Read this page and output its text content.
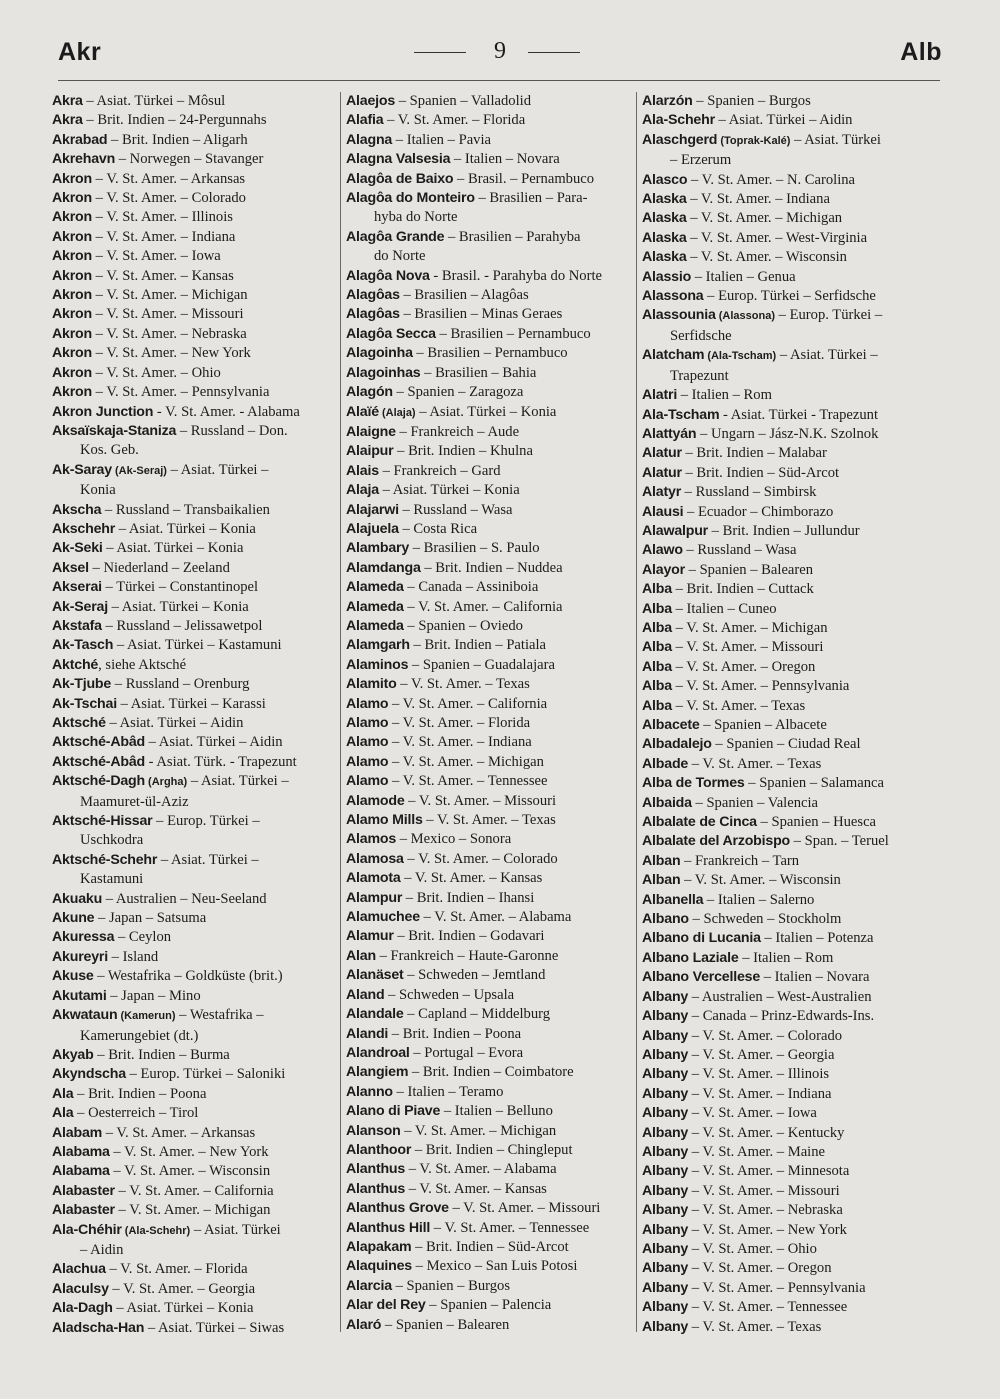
Akr	9	Alb
Akra – Asiat. Türkei – Môsul
Akra – Brit. Indien – 24-Pergunnahs
Akrabad – Brit. Indien – Aligarh
Akrehavn – Norwegen – Stavanger
Akron – V. St. Amer. – Arkansas
Akron – V. St. Amer. – Colorado
Akron – V. St. Amer. – Illinois
Akron – V. St. Amer. – Indiana
Akron – V. St. Amer. – Iowa
Akron – V. St. Amer. – Kansas
Akron – V. St. Amer. – Michigan
Akron – V. St. Amer. – Missouri
Akron – V. St. Amer. – Nebraska
Akron – V. St. Amer. – New York
Akron – V. St. Amer. – Ohio
Akron – V. St. Amer. – Pennsylvania
Akron Junction - V. St. Amer. - Alabama
Aksaïskaja-Staniza – Russland – Don.
Kos. Geb.
Ak-Saray (Ak-Seraj) – Asiat. Türkei –
Konia
Akscha – Russland – Transbaikalien
Akschehr – Asiat. Türkei – Konia
Ak-Seki – Asiat. Türkei – Konia
Aksel – Niederland – Zeeland
Akserai – Türkei – Constantinopel
Ak-Seraj – Asiat. Türkei – Konia
Akstafa – Russland – Jelissawetpol
Ak-Tasch – Asiat. Türkei – Kastamuni
Aktché, siehe Aktsché
Ak-Tjube – Russland – Orenburg
Ak-Tschai – Asiat. Türkei – Karassi
Aktsché – Asiat. Türkei – Aidin
Aktsché-Abâd – Asiat. Türkei – Aidin
Aktsché-Abâd - Asiat. Türk. - Trapezunt
Aktsché-Dagh (Argha) – Asiat. Türkei –
Maamuret-ül-Aziz
Aktsché-Hissar – Europ. Türkei –
Uschkodra
Aktsché-Schehr – Asiat. Türkei –
Kastamuni
Akuaku – Australien – Neu-Seeland
Akune – Japan – Satsuma
Akuressa – Ceylon
Akureyri – Island
Akuse – Westafrika – Goldküste (brit.)
Akutami – Japan – Mino
Akwataun (Kamerun) – Westafrika –
Kamerungebiet (dt.)
Akyab – Brit. Indien – Burma
Akyndscha – Europ. Türkei – Saloniki
Ala – Brit. Indien – Poona
Ala – Oesterreich – Tirol
Alabam – V. St. Amer. – Arkansas
Alabama – V. St. Amer. – New York
Alabama – V. St. Amer. – Wisconsin
Alabaster – V. St. Amer. – California
Alabaster – V. St. Amer. – Michigan
Ala-Chéhir (Ala-Schehr) – Asiat. Türkei
– Aidin
Alachua – V. St. Amer. – Florida
Alaculsy – V. St. Amer. – Georgia
Ala-Dagh – Asiat. Türkei – Konia
Aladscha-Han – Asiat. Türkei – Siwas
Alaejos – Spanien – Valladolid
Alafia – V. St. Amer. – Florida
Alagna – Italien – Pavia
Alagna Valsesia – Italien – Novara
Alagôa de Baixo – Brasil. – Pernambuco
Alagôa do Monteiro – Brasilien – Para-
hyba do Norte
Alagôa Grande – Brasilien – Parahyba
do Norte
Alagôa Nova - Brasil. - Parahyba do Norte
Alagôas – Brasilien – Alagôas
Alagôas – Brasilien – Minas Geraes
Alagôa Secca – Brasilien – Pernambuco
Alagoinha – Brasilien – Pernambuco
Alagoinhas – Brasilien – Bahia
Alagón – Spanien – Zaragoza
Alaïé (Alaja) – Asiat. Türkei – Konia
Alaigne – Frankreich – Aude
Alaipur – Brit. Indien – Khulna
Alais – Frankreich – Gard
Alaja – Asiat. Türkei – Konia
Alajarwi – Russland – Wasa
Alajuela – Costa Rica
Alambary – Brasilien – S. Paulo
Alamdanga – Brit. Indien – Nuddea
Alameda – Canada – Assiniboia
Alameda – V. St. Amer. – California
Alameda – Spanien – Oviedo
Alamgarh – Brit. Indien – Patiala
Alaminos – Spanien – Guadalajara
Alamito – V. St. Amer. – Texas
Alamo – V. St. Amer. – California
Alamo – V. St. Amer. – Florida
Alamo – V. St. Amer. – Indiana
Alamo – V. St. Amer. – Michigan
Alamo – V. St. Amer. – Tennessee
Alamode – V. St. Amer. – Missouri
Alamo Mills – V. St. Amer. – Texas
Alamos – Mexico – Sonora
Alamosa – V. St. Amer. – Colorado
Alamota – V. St. Amer. – Kansas
Alampur – Brit. Indien – Ihansi
Alamuchee – V. St. Amer. – Alabama
Alamur – Brit. Indien – Godavari
Alan – Frankreich – Haute-Garonne
Alanäset – Schweden – Jemtland
Aland – Schweden – Upsala
Alandale – Capland – Middelburg
Alandi – Brit. Indien – Poona
Alandroal – Portugal – Evora
Alangiem – Brit. Indien – Coimbatore
Alanno – Italien – Teramo
Alano di Piave – Italien – Belluno
Alanson – V. St. Amer. – Michigan
Alanthoor – Brit. Indien – Chingleput
Alanthus – V. St. Amer. – Alabama
Alanthus – V. St. Amer. – Kansas
Alanthus Grove – V. St. Amer. – Missouri
Alanthus Hill – V. St. Amer. – Tennessee
Alapakam – Brit. Indien – Süd-Arcot
Alaquines – Mexico – San Luis Potosi
Alarcia – Spanien – Burgos
Alar del Rey – Spanien – Palencia
Alaró – Spanien – Balearen
Alarzón – Spanien – Burgos
Ala-Schehr – Asiat. Türkei – Aidin
Alaschgerd (Toprak-Kalé) – Asiat. Türkei
– Erzerum
Alasco – V. St. Amer. – N. Carolina
Alaska – V. St. Amer. – Indiana
Alaska – V. St. Amer. – Michigan
Alaska – V. St. Amer. – West-Virginia
Alaska – V. St. Amer. – Wisconsin
Alassio – Italien – Genua
Alassona – Europ. Türkei – Serfidsche
Alassounia (Alassona) – Europ. Türkei –
Serfidsche
Alatcham (Ala-Tscham) – Asiat. Türkei –
Trapezunt
Alatri – Italien – Rom
Ala-Tscham - Asiat. Türkei - Trapezunt
Alattyán – Ungarn – Jász-N.K. Szolnok
Alatur – Brit. Indien – Malabar
Alatur – Brit. Indien – Süd-Arcot
Alatyr – Russland – Simbirsk
Alausi – Ecuador – Chimborazo
Alawalpur – Brit. Indien – Jullundur
Alawo – Russland – Wasa
Alayor – Spanien – Balearen
Alba – Brit. Indien – Cuttack
Alba – Italien – Cuneo
Alba – V. St. Amer. – Michigan
Alba – V. St. Amer. – Missouri
Alba – V. St. Amer. – Oregon
Alba – V. St. Amer. – Pennsylvania
Alba – V. St. Amer. – Texas
Albacete – Spanien – Albacete
Albadalejo – Spanien – Ciudad Real
Albade – V. St. Amer. – Texas
Alba de Tormes – Spanien – Salamanca
Albaida – Spanien – Valencia
Albalate de Cinca – Spanien – Huesca
Albalate del Arzobispo – Span. – Teruel
Alban – Frankreich – Tarn
Alban – V. St. Amer. – Wisconsin
Albanella – Italien – Salerno
Albano – Schweden – Stockholm
Albano di Lucania – Italien – Potenza
Albano Laziale – Italien – Rom
Albano Vercellese – Italien – Novara
Albany – Australien – West-Australien
Albany – Canada – Prinz-Edwards-Ins.
Albany – V. St. Amer. – Colorado
Albany – V. St. Amer. – Georgia
Albany – V. St. Amer. – Illinois
Albany – V. St. Amer. – Indiana
Albany – V. St. Amer. – Iowa
Albany – V. St. Amer. – Kentucky
Albany – V. St. Amer. – Maine
Albany – V. St. Amer. – Minnesota
Albany – V. St. Amer. – Missouri
Albany – V. St. Amer. – Nebraska
Albany – V. St. Amer. – New York
Albany – V. St. Amer. – Ohio
Albany – V. St. Amer. – Oregon
Albany – V. St. Amer. – Pennsylvania
Albany – V. St. Amer. – Tennessee
Albany – V. St. Amer. – Texas
